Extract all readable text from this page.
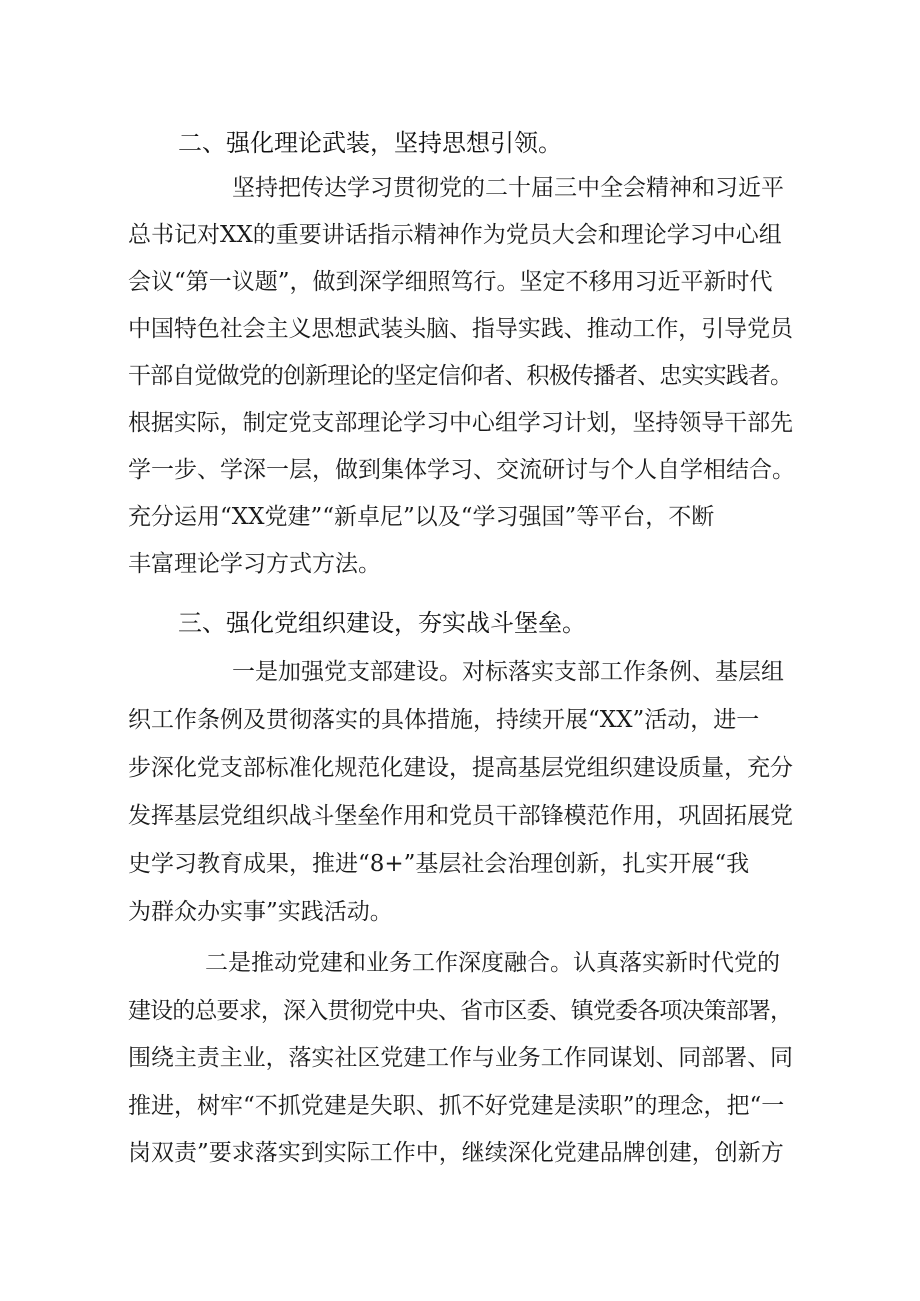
二、强化理论武装，坚持思想引领。
坚持把传达学习贯彻党的二十届三中全会精神和习近平
总书记对XX的重要讲话指示精神作为党员大会和理论学习中心组
会议“第一议题”，做到深学细照笃行。坚定不移用习近平新时代
中国特色社会主义思想武装头脑、指导实践、推动工作，引导党员
干部自觉做党的创新理论的坚定信仰者、积极传播者、忠实实践者。
根据实际，制定党支部理论学习中心组学习计划，坚持领导干部先
学一步、学深一层，做到集体学习、交流研讨与个人自学相结合。
充分运用“XX党建”“新卓尼”以及“学习强国”等平台，不断
丰富理论学习方式方法。
三、强化党组织建设，夯实战斗堡垒。
一是加强党支部建设。对标落实支部工作条例、基层组
织工作条例及贯彻落实的具体措施，持续开展“XX”活动，进一
步深化党支部标准化规范化建设，提高基层党组织建设质量，充分
发挥基层党组织战斗堡垒作用和党员干部锋模范作用，巩固拓展党
史学习教育成果，推进“8+”基层社会治理创新，扎实开展“我
为群众办实事”实践活动。
二是推动党建和业务工作深度融合。认真落实新时代党的
建设的总要求，深入贯彻党中央、省市区委、镇党委各项决策部署，
围绕主责主业，落实社区党建工作与业务工作同谋划、同部署、同
推进，树牢“不抓党建是失职、抓不好党建是渎职”的理念，把“一
岗双责”要求落实到实际工作中，继续深化党建品牌创建，创新方
